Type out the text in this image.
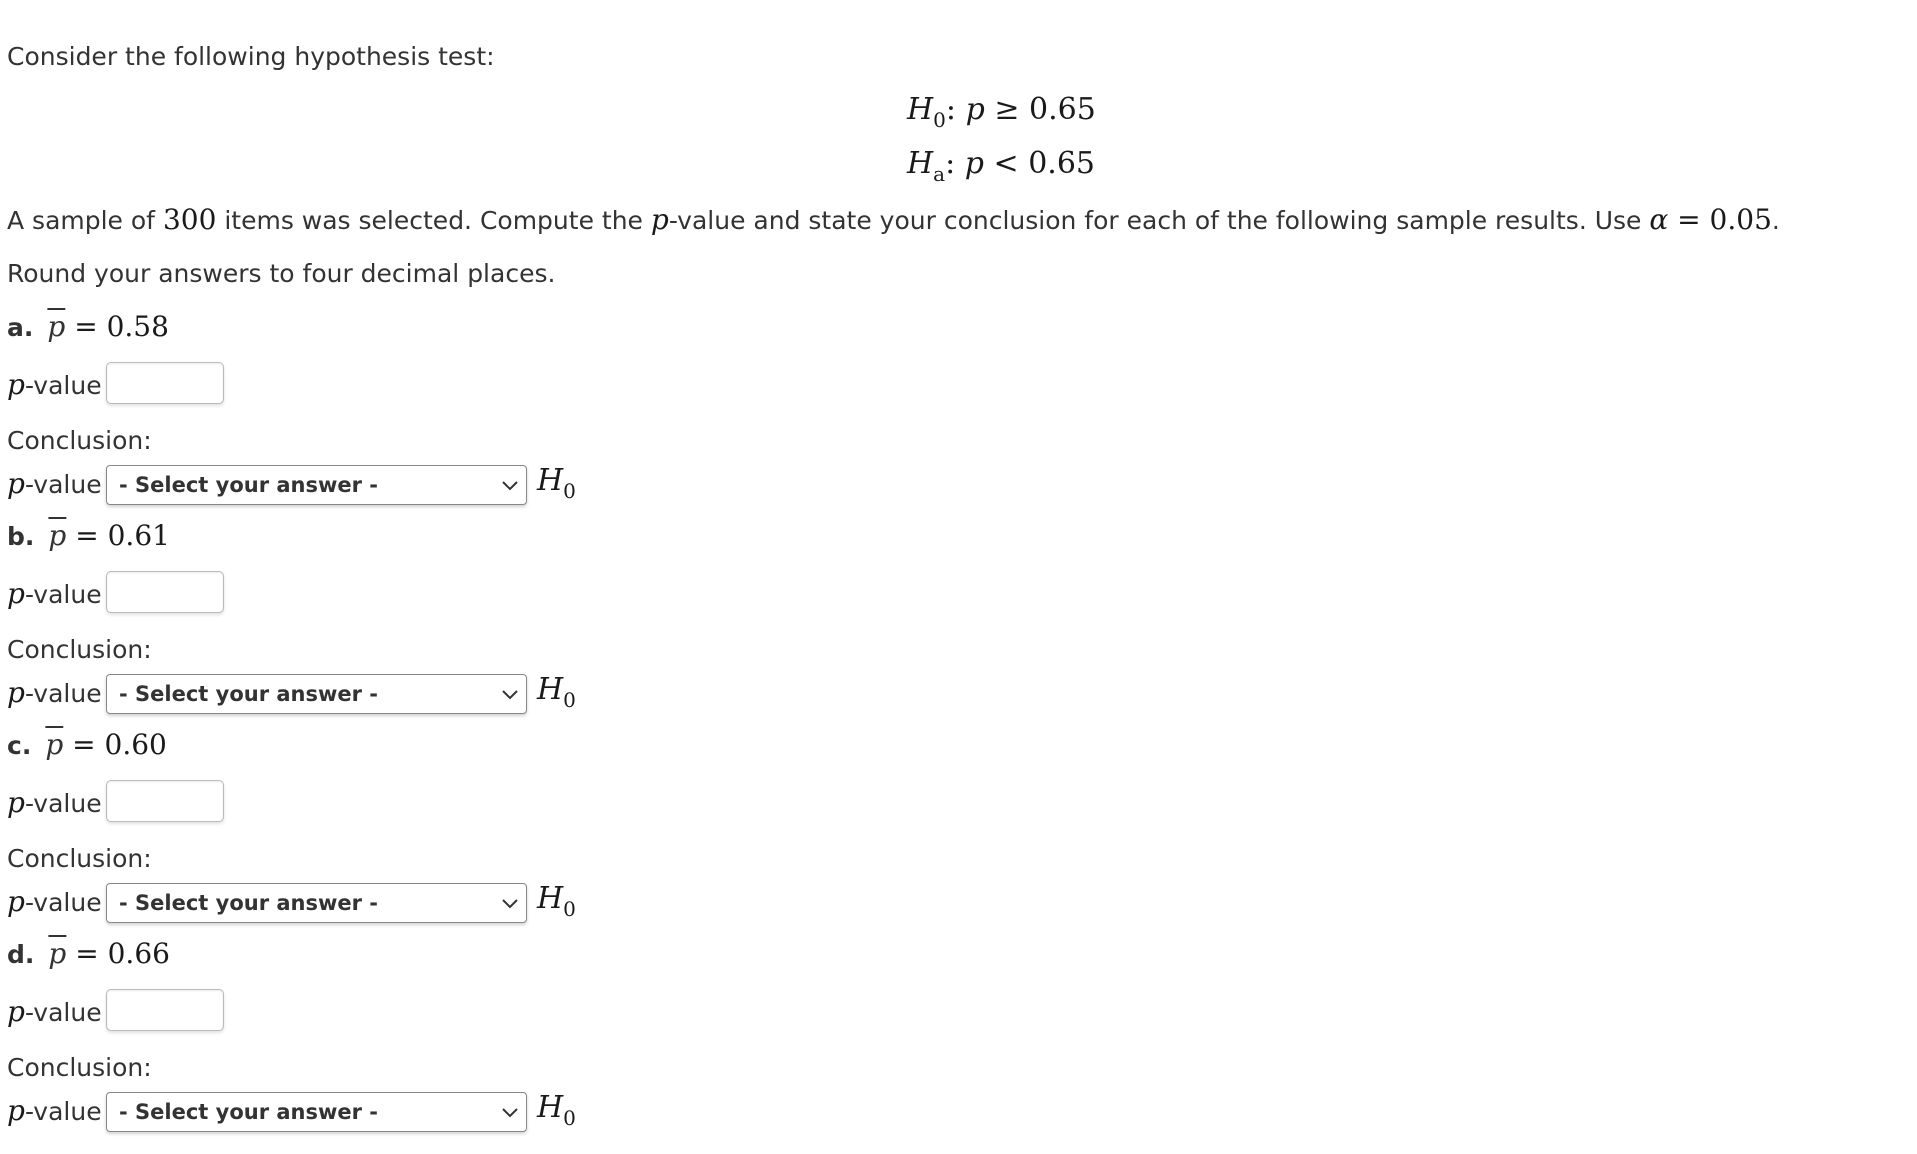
Consider the following hypothesis test:
$H_0$: p ≥ 0.65
$H_a$: p < 0.65
A sample of 300 items was selected. Compute the p-value and state your conclusion for each of the following sample results. Use α = 0.05.
Round your answers to four decimal places.
a. $\overline{p} = 0.58$
p-value
Conclusion:
p-value - Select your answer -	$H_0$
b. $\overline{p} = 0.61$
p-value
Conclusion:
p-value - Select your answer -	$H_0$
c. $\overline{p} = 0.60$
p-value
Conclusion:
p-value - Select your answer -	$H_0$
d. $\overline{p} = 0.66$
p-value
Conclusion:
p-value - Select your answer -	$H_0$
